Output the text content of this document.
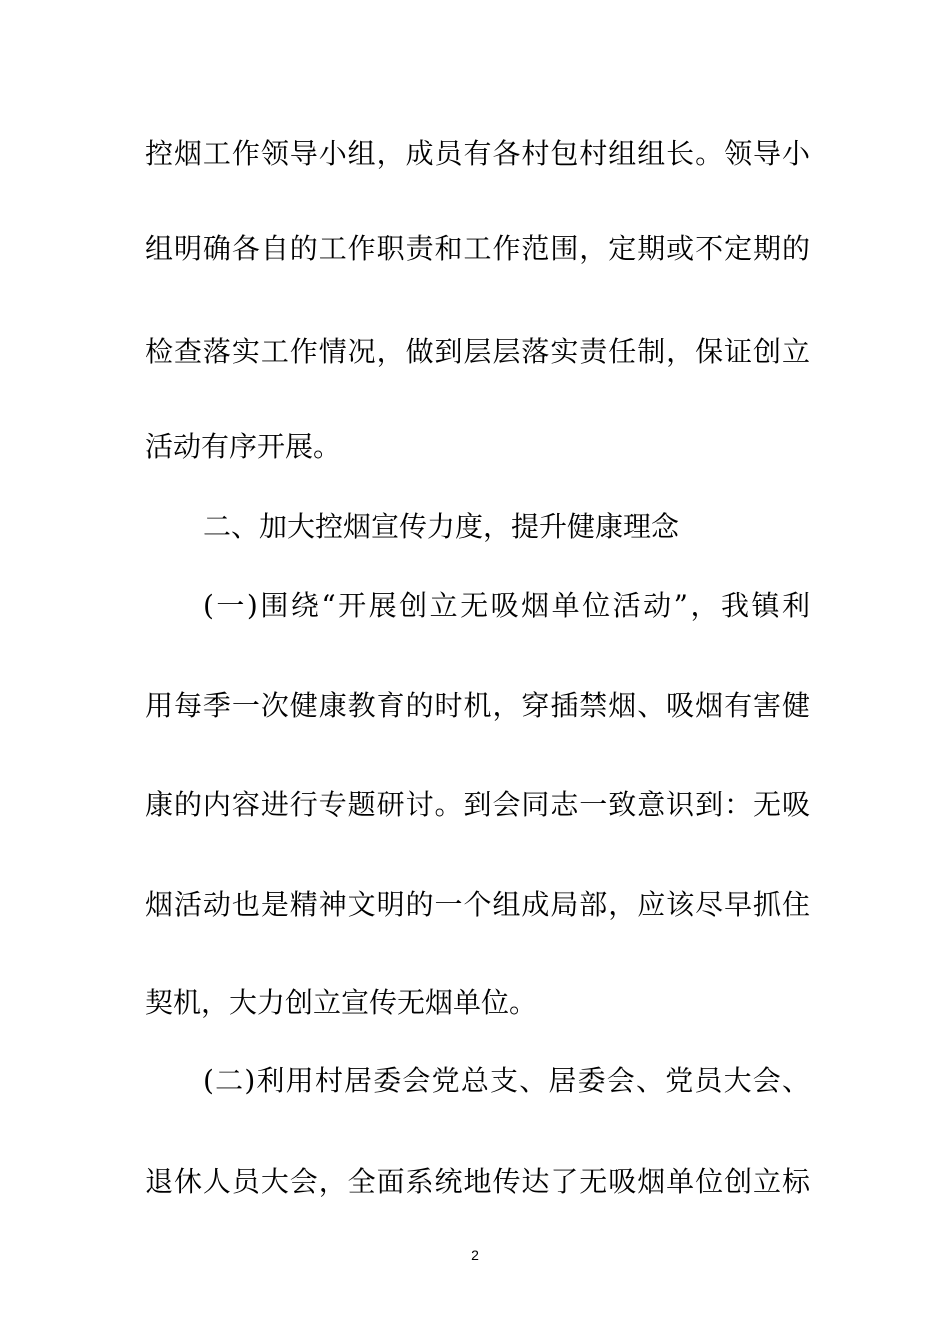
控烟工作领导小组，成员有各村包村组组长。领导小
组明确各自的工作职责和工作范围，定期或不定期的
检查落实工作情况，做到层层落实责任制，保证创立
活动有序开展。
二、加大控烟宣传力度，提升健康理念
(一)围绕“开展创立无吸烟单位活动”，我镇利
用每季一次健康教育的时机，穿插禁烟、吸烟有害健
康的内容进行专题研讨。到会同志一致意识到：无吸
烟活动也是精神文明的一个组成局部，应该尽早抓住
契机，大力创立宣传无烟单位。
(二)利用村居委会党总支、居委会、党员大会、
退休人员大会，全面系统地传达了无吸烟单位创立标
2
